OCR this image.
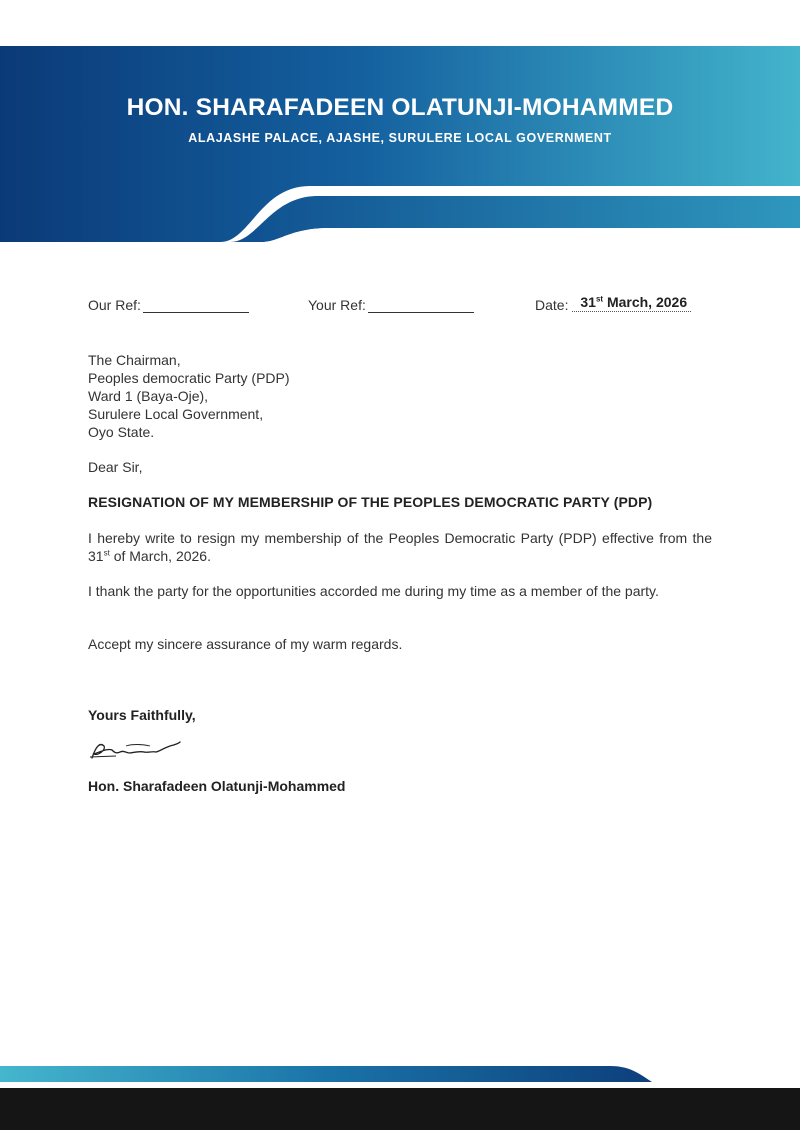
HON. SHARAFADEEN OLATUNJI-MOHAMMED
ALAJASHE PALACE, AJASHE, SURULERE LOCAL GOVERNMENT
Our Ref:	Your Ref:	Date: 31st March, 2026
The Chairman,
Peoples democratic Party (PDP)
Ward 1 (Baya-Oje),
Surulere Local Government,
Oyo State.
Dear Sir,
RESIGNATION OF MY MEMBERSHIP OF THE PEOPLES DEMOCRATIC PARTY (PDP)
I hereby write to resign my membership of the Peoples Democratic Party (PDP) effective from the 31st of March, 2026.
I thank the party for the opportunities accorded me during my time as a member of the party.
Accept my sincere assurance of my warm regards.
Yours Faithfully,
Hon. Sharafadeen Olatunji-Mohammed
